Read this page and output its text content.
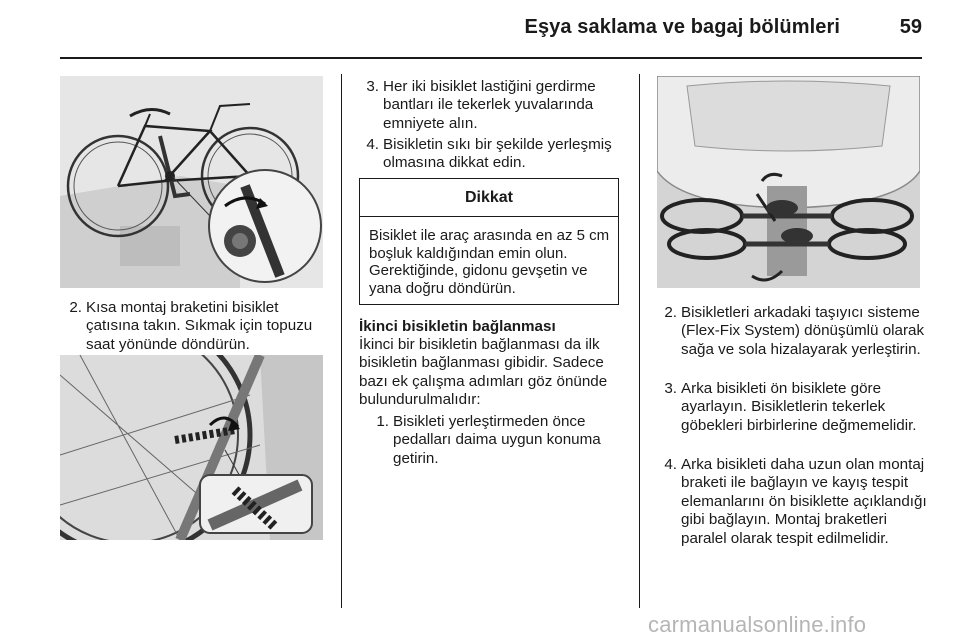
Eşya saklama ve bagaj bölümleri	59
2. Kısa montaj braketini bisiklet çatısına takın. Sıkmak için topuzu saat yönünde döndürün.
3. Her iki bisiklet lastiğini gerdirme bantları ile tekerlek yuvalarında emniyete alın.
4. Bisikletin sıkı bir şekilde yerleşmiş olmasına dikkat edin.
Dikkat
Bisiklet ile araç arasında en az 5 cm boşluk kaldığından emin olun. Gerektiğinde, gidonu gevşetin ve yana doğru döndürün.
İkinci bisikletin bağlanması
İkinci bir bisikletin bağlanması da ilk bisikletin bağlanması gibidir. Sadece bazı ek çalışma adımları göz önünde bulundurulmalıdır:
1. Bisikleti yerleştirmeden önce pedalları daima uygun konuma getirin.
2. Bisikletleri arkadaki taşıyıcı sisteme (Flex-Fix System) dönüşümlü olarak sağa ve sola hizalayarak yerleştirin.
3. Arka bisikleti ön bisiklete göre ayarlayın. Bisikletlerin tekerlek göbekleri birbirlerine değmemelidir.
4. Arka bisikleti daha uzun olan montaj braketi ile bağlayın ve kayış tespit elemanlarını ön bisiklette açıklandığı gibi bağlayın. Montaj braketleri paralel olarak tespit edilmelidir.
carmanualsonline.info
